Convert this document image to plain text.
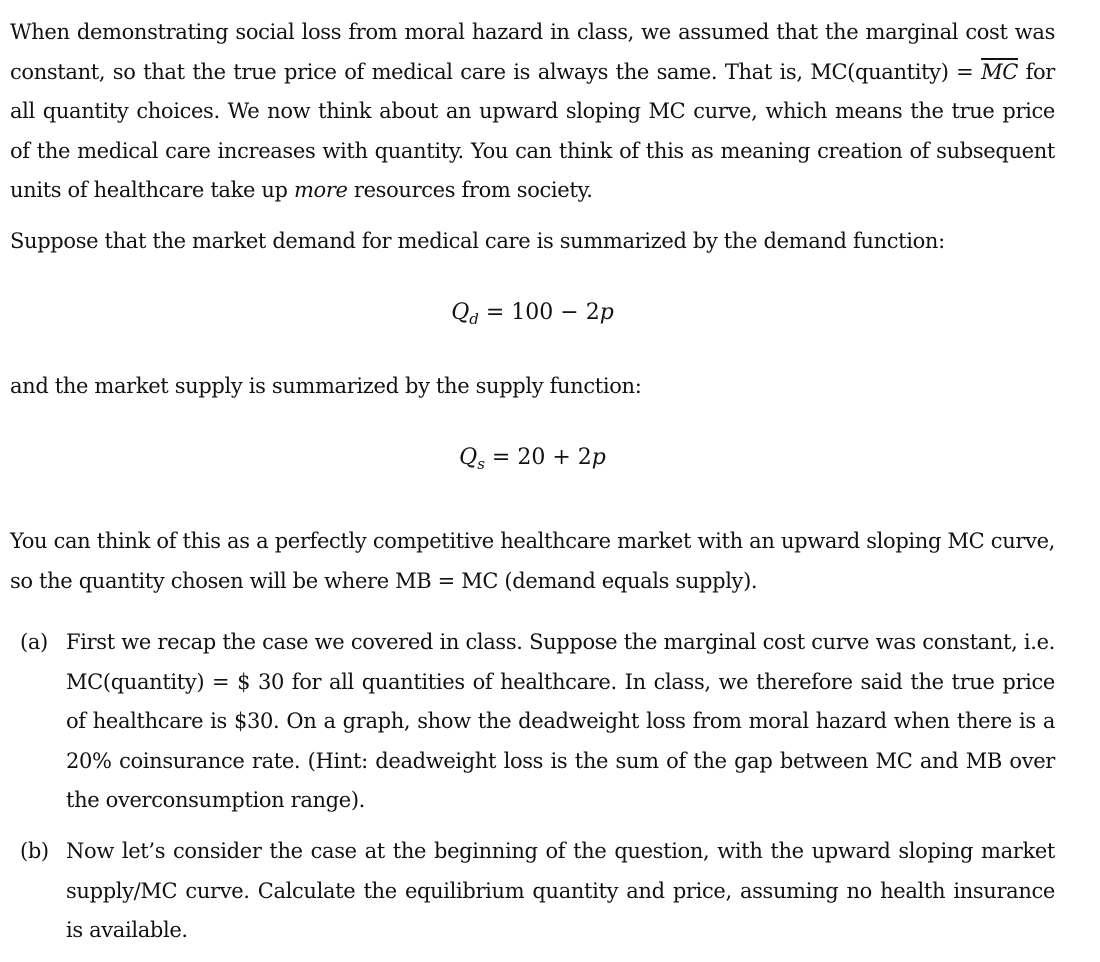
When demonstrating social loss from moral hazard in class, we assumed that the marginal cost was constant, so that the true price of medical care is always the same. That is, MC(quantity) = $\overline{MC}$ for all quantity choices. We now think about an upward sloping MC curve, which means the true price of the medical care increases with quantity. You can think of this as meaning creation of subsequent units of healthcare take up more resources from society.

Suppose that the market demand for medical care is summarized by the demand function:

$Q_d = 100 - 2p$

and the market supply is summarized by the supply function:

$Q_s = 20 + 2p$

You can think of this as a perfectly competitive healthcare market with an upward sloping MC curve, so the quantity chosen will be where MB = MC (demand equals supply).

(a) First we recap the case we covered in class. Suppose the marginal cost curve was constant, i.e. MC(quantity) = $ 30 for all quantities of healthcare. In class, we therefore said the true price of healthcare is $30. On a graph, show the deadweight loss from moral hazard when there is a 20% coinsurance rate. (Hint: deadweight loss is the sum of the gap between MC and MB over the overconsumption range).
(b) Now let’s consider the case at the beginning of the question, with the upward sloping market supply/MC curve. Calculate the equilibrium quantity and price, assuming no health insurance is available.
